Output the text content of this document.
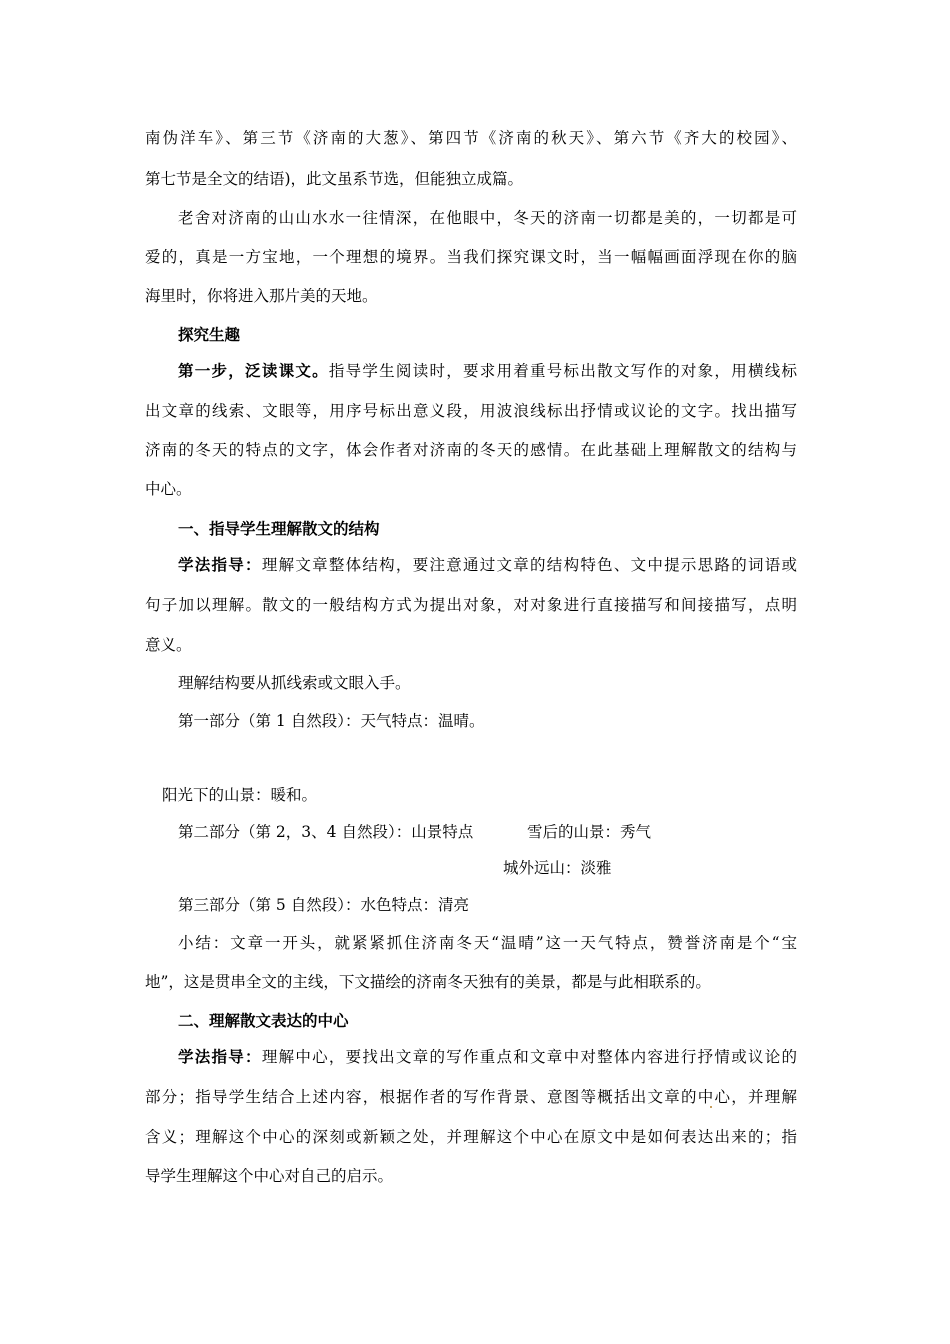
南伪洋车》、第三节《济南的大葱》、第四节《济南的秋天》、第六节《齐大的校园》、
第七节是全文的结语)，此文虽系节选，但能独立成篇。
老舍对济南的山山水水一往情深，在他眼中，冬天的济南一切都是美的，一切都是可
爱的，真是一方宝地，一个理想的境界。当我们探究课文时，当一幅幅画面浮现在你的脑
海里时，你将进入那片美的天地。
探究生趣
第一步，泛读课文。指导学生阅读时，要求用着重号标出散文写作的对象，用横线标
出文章的线索、文眼等，用序号标出意义段，用波浪线标出抒情或议论的文字。找出描写
济南的冬天的特点的文字，体会作者对济南的冬天的感情。在此基础上理解散文的结构与
中心。
一、指导学生理解散文的结构
学法指导：理解文章整体结构，要注意通过文章的结构特色、文中提示思路的词语或
句子加以理解。散文的一般结构方式为提出对象，对对象进行直接描写和间接描写，点明
意义。
理解结构要从抓线索或文眼入手。
第一部分（第 1 自然段）：天气特点：温晴。
阳光下的山景：暖和。
第二部分（第 2，3、4 自然段）：山景特点	雪后的山景：秀气
城外远山：淡雅
第三部分（第 5 自然段）：水色特点：清亮
小结：文章一开头，就紧紧抓住济南冬天“温晴”这一天气特点，赞誉济南是个“宝
地”，这是贯串全文的主线，下文描绘的济南冬天独有的美景，都是与此相联系的。
二、理解散文表达的中心
学法指导：理解中心，要找出文章的写作重点和文章中对整体内容进行抒情或议论的
部分；指导学生结合上述内容，根据作者的写作背景、意图等概括出文章的中心，并理解
含义；理解这个中心的深刻或新颖之处，并理解这个中心在原文中是如何表达出来的；指
导学生理解这个中心对自己的启示。
